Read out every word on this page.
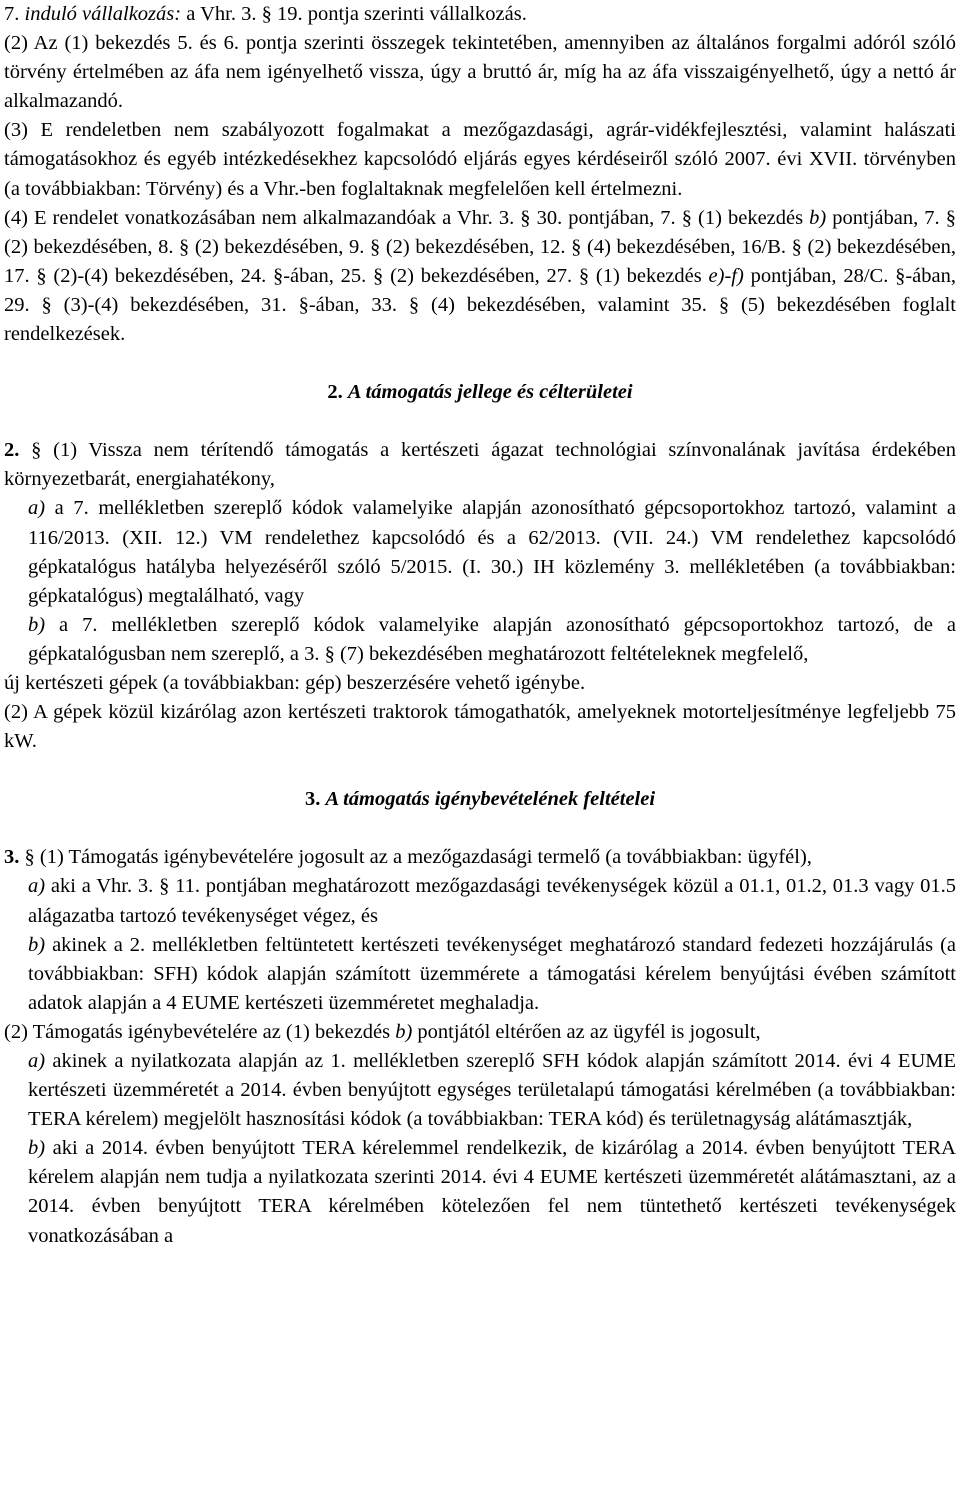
7. induló vállalkozás: a Vhr. 3. § 19. pontja szerinti vállalkozás.

(2) Az (1) bekezdés 5. és 6. pontja szerinti összegek tekintetében, amennyiben az általános forgalmi adóról szóló törvény értelmében az áfa nem igényelhető vissza, úgy a bruttó ár, míg ha az áfa visszaigényelhető, úgy a nettó ár alkalmazandó.

(3) E rendeletben nem szabályozott fogalmakat a mezőgazdasági, agrár-vidékfejlesztési, valamint halászati támogatásokhoz és egyéb intézkedésekhez kapcsolódó eljárás egyes kérdéseiről szóló 2007. évi XVII. törvényben (a továbbiakban: Törvény) és a Vhr.-ben foglaltaknak megfelelően kell értelmezni.

(4) E rendelet vonatkozásában nem alkalmazandóak a Vhr. 3. § 30. pontjában, 7. § (1) bekezdés b) pontjában, 7. § (2) bekezdésében, 8. § (2) bekezdésében, 9. § (2) bekezdésében, 12. § (4) bekezdésében, 16/B. § (2) bekezdésében, 17. § (2)-(4) bekezdésében, 24. §-ában, 25. § (2) bekezdésében, 27. § (1) bekezdés e)-f) pontjában, 28/C. §-ában, 29. § (3)-(4) bekezdésében, 31. §-ában, 33. § (4) bekezdésében, valamint 35. § (5) bekezdésében foglalt rendelkezések.

2. A támogatás jellege és célterületei

2. § (1) Vissza nem térítendő támogatás a kertészeti ágazat technológiai színvonalának javítása érdekében környezetbarát, energiahatékony,

a) a 7. mellékletben szereplő kódok valamelyike alapján azonosítható gépcsoportokhoz tartozó, valamint a 116/2013. (XII. 12.) VM rendelethez kapcsolódó és a 62/2013. (VII. 24.) VM rendelethez kapcsolódó gépkatalógus hatályba helyezéséről szóló 5/2015. (I. 30.) IH közlemény 3. mellékletében (a továbbiakban: gépkatalógus) megtalálható, vagy

b) a 7. mellékletben szereplő kódok valamelyike alapján azonosítható gépcsoportokhoz tartozó, de a gépkatalógusban nem szereplő, a 3. § (7) bekezdésében meghatározott feltételeknek megfelelő,

új kertészeti gépek (a továbbiakban: gép) beszerzésére vehető igénybe.

(2) A gépek közül kizárólag azon kertészeti traktorok támogathatók, amelyeknek motorteljesítménye legfeljebb 75 kW.

3. A támogatás igénybevételének feltételei

3. § (1) Támogatás igénybevételére jogosult az a mezőgazdasági termelő (a továbbiakban: ügyfél),

a) aki a Vhr. 3. § 11. pontjában meghatározott mezőgazdasági tevékenységek közül a 01.1, 01.2, 01.3 vagy 01.5 alágazatba tartozó tevékenységet végez, és

b) akinek a 2. mellékletben feltüntetett kertészeti tevékenységet meghatározó standard fedezeti hozzájárulás (a továbbiakban: SFH) kódok alapján számított üzemmérete a támogatási kérelem benyújtási évében számított adatok alapján a 4 EUME kertészeti üzemméretet meghaladja.

(2) Támogatás igénybevételére az (1) bekezdés b) pontjától eltérően az az ügyfél is jogosult,

a) akinek a nyilatkozata alapján az 1. mellékletben szereplő SFH kódok alapján számított 2014. évi 4 EUME kertészeti üzemméretét a 2014. évben benyújtott egységes területalapú támogatási kérelmében (a továbbiakban: TERA kérelem) megjelölt hasznosítási kódok (a továbbiakban: TERA kód) és területnagyság alátámasztják,

b) aki a 2014. évben benyújtott TERA kérelemmel rendelkezik, de kizárólag a 2014. évben benyújtott TERA kérelem alapján nem tudja a nyilatkozata szerinti 2014. évi 4 EUME kertészeti üzemméretét alátámasztani, az a 2014. évben benyújtott TERA kérelmében kötelezően fel nem tüntethető kertészeti tevékenységek vonatkozásában a
